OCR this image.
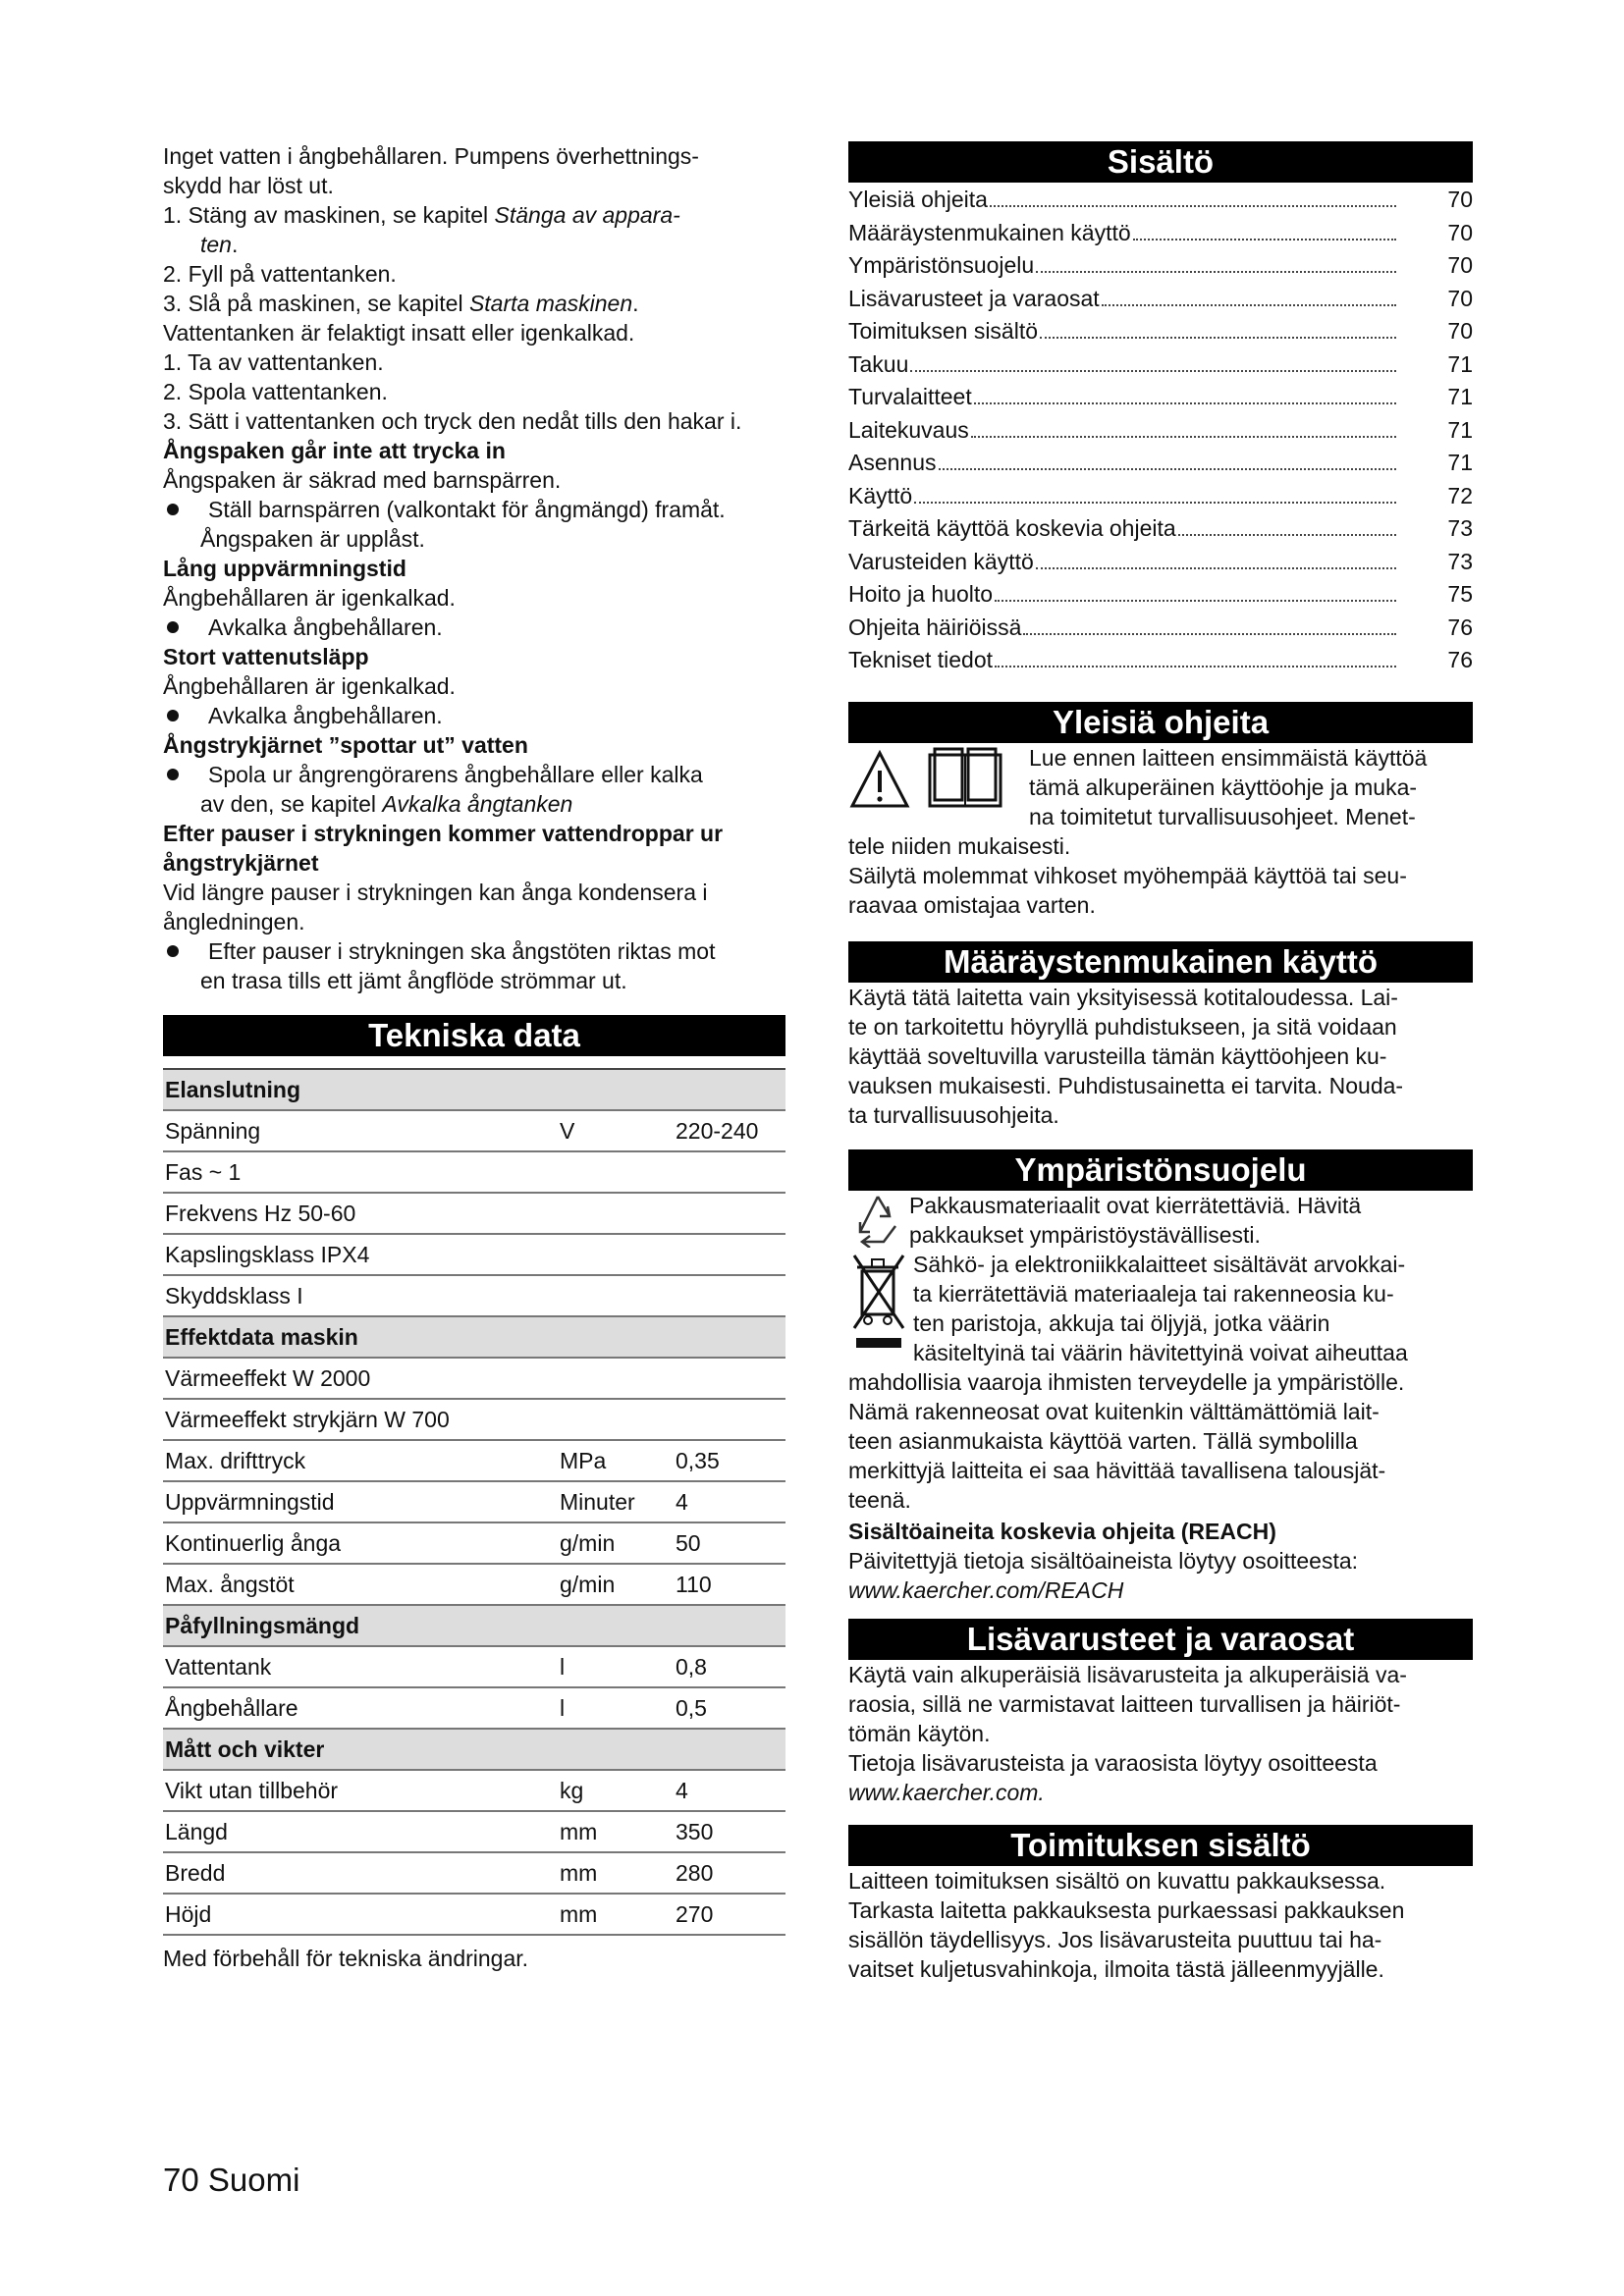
Inget vatten i ångbehållaren. Pumpens överhettnings-

skydd har löst ut.

1. Stäng av maskinen, se kapitel Stänga av appara-

ten.

2. Fyll på vattentanken.

3. Slå på maskinen, se kapitel Starta maskinen.

Vattentanken är felaktigt insatt eller igenkalkad.

1. Ta av vattentanken.

2. Spola vattentanken.

3. Sätt i vattentanken och tryck den nedåt tills den hakar i.

Ångspaken går inte att trycka in

Ångspaken är säkrad med barnspärren.

Ställ barnspärren (valkontakt för ångmängd) framåt.

Ångspaken är upplåst.

Lång uppvärmningstid

Ångbehållaren är igenkalkad.

Avkalka ångbehållaren.

Stort vattenutsläpp

Ångbehållaren är igenkalkad.

Avkalka ångbehållaren.

Ångstrykjärnet ”spottar ut” vatten

Spola ur ångrengörarens ångbehållare eller kalka

av den, se kapitel Avkalka ångtanken

Efter pauser i strykningen kommer vattendroppar ur

ångstrykjärnet

Vid längre pauser i strykningen kan ånga kondensera i

ångledningen.

Efter pauser i strykningen ska ångstöten riktas mot

en trasa tills ett jämt ångflöde strömmar ut.

Tekniska data
Elanslutning		
Spänning	V	220-240
Fas ~ 1		
Frekvens Hz 50-60		
Kapslingsklass IPX4		
Skyddsklass I		
Effektdata maskin		
Värmeeffekt W 2000		
Värmeeffekt strykjärn W 700		
Max. drifttryck	MPa	0,35
Uppvärmningstid	Minuter	4
Kontinuerlig ånga	g/min	50
Max. ångstöt	g/min	110
Påfyllningsmängd		
Vattentank	l	0,8
Ångbehållare	l	0,5
Mått och vikter		
Vikt utan tillbehör	kg	4
Längd	mm	350
Bredd	mm	280
Höjd	mm	270

Med förbehåll för tekniska ändringar.

Sisältö
Yleisiä ohjeita	70
Määräystenmukainen käyttö	70
Ympäristönsuojelu	70
Lisävarusteet ja varaosat	70
Toimituksen sisältö	70
Takuu	71
Turvalaitteet	71
Laitekuvaus	71
Asennus	71
Käyttö	72
Tärkeitä käyttöä koskevia ohjeita	73
Varusteiden käyttö	73
Hoito ja huolto	75
Ohjeita häiriöissä	76
Tekniset tiedot	76
Yleisiä ohjeita

Lue ennen laitteen ensimmäistä käyttöä

tämä alkuperäinen käyttöohje ja muka-

na toimitetut turvallisuusohjeet. Menet-

tele niiden mukaisesti.

Säilytä molemmat vihkoset myöhempää käyttöä tai seu-

raavaa omistajaa varten.

Määräystenmukainen käyttö

Käytä tätä laitetta vain yksityisessä kotitaloudessa. Lai-

te on tarkoitettu höyryllä puhdistukseen, ja sitä voidaan

käyttää soveltuvilla varusteilla tämän käyttöohjeen ku-

vauksen mukaisesti. Puhdistusainetta ei tarvita. Nouda-

ta turvallisuusohjeita.

Ympäristönsuojelu

Pakkausmateriaalit ovat kierrätettäviä. Hävitä

pakkaukset ympäristöystävällisesti.

Sähkö- ja elektroniikkalaitteet sisältävät arvokkai-

ta kierrätettäviä materiaaleja tai rakenneosia ku-

ten paristoja, akkuja tai öljyjä, jotka väärin

käsiteltyinä tai väärin hävitettyinä voivat aiheuttaa

mahdollisia vaaroja ihmisten terveydelle ja ympäristölle.

Nämä rakenneosat ovat kuitenkin välttämättömiä lait-

teen asianmukaista käyttöä varten. Tällä symbolilla

merkittyjä laitteita ei saa hävittää tavallisena talousjät-

teenä.

Sisältöaineita koskevia ohjeita (REACH)

Päivitettyjä tietoja sisältöaineista löytyy osoitteesta:

www.kaercher.com/REACH

Lisävarusteet ja varaosat

Käytä vain alkuperäisiä lisävarusteita ja alkuperäisiä va-

raosia, sillä ne varmistavat laitteen turvallisen ja häiriöt-

tömän käytön.

Tietoja lisävarusteista ja varaosista löytyy osoitteesta

www.kaercher.com.

Toimituksen sisältö

Laitteen toimituksen sisältö on kuvattu pakkauksessa.

Tarkasta laitetta pakkauksesta purkaessasi pakkauksen

sisällön täydellisyys. Jos lisävarusteita puuttuu tai ha-

vaitset kuljetusvahinkoja, ilmoita tästä jälleenmyyjälle.

70 Suomi
